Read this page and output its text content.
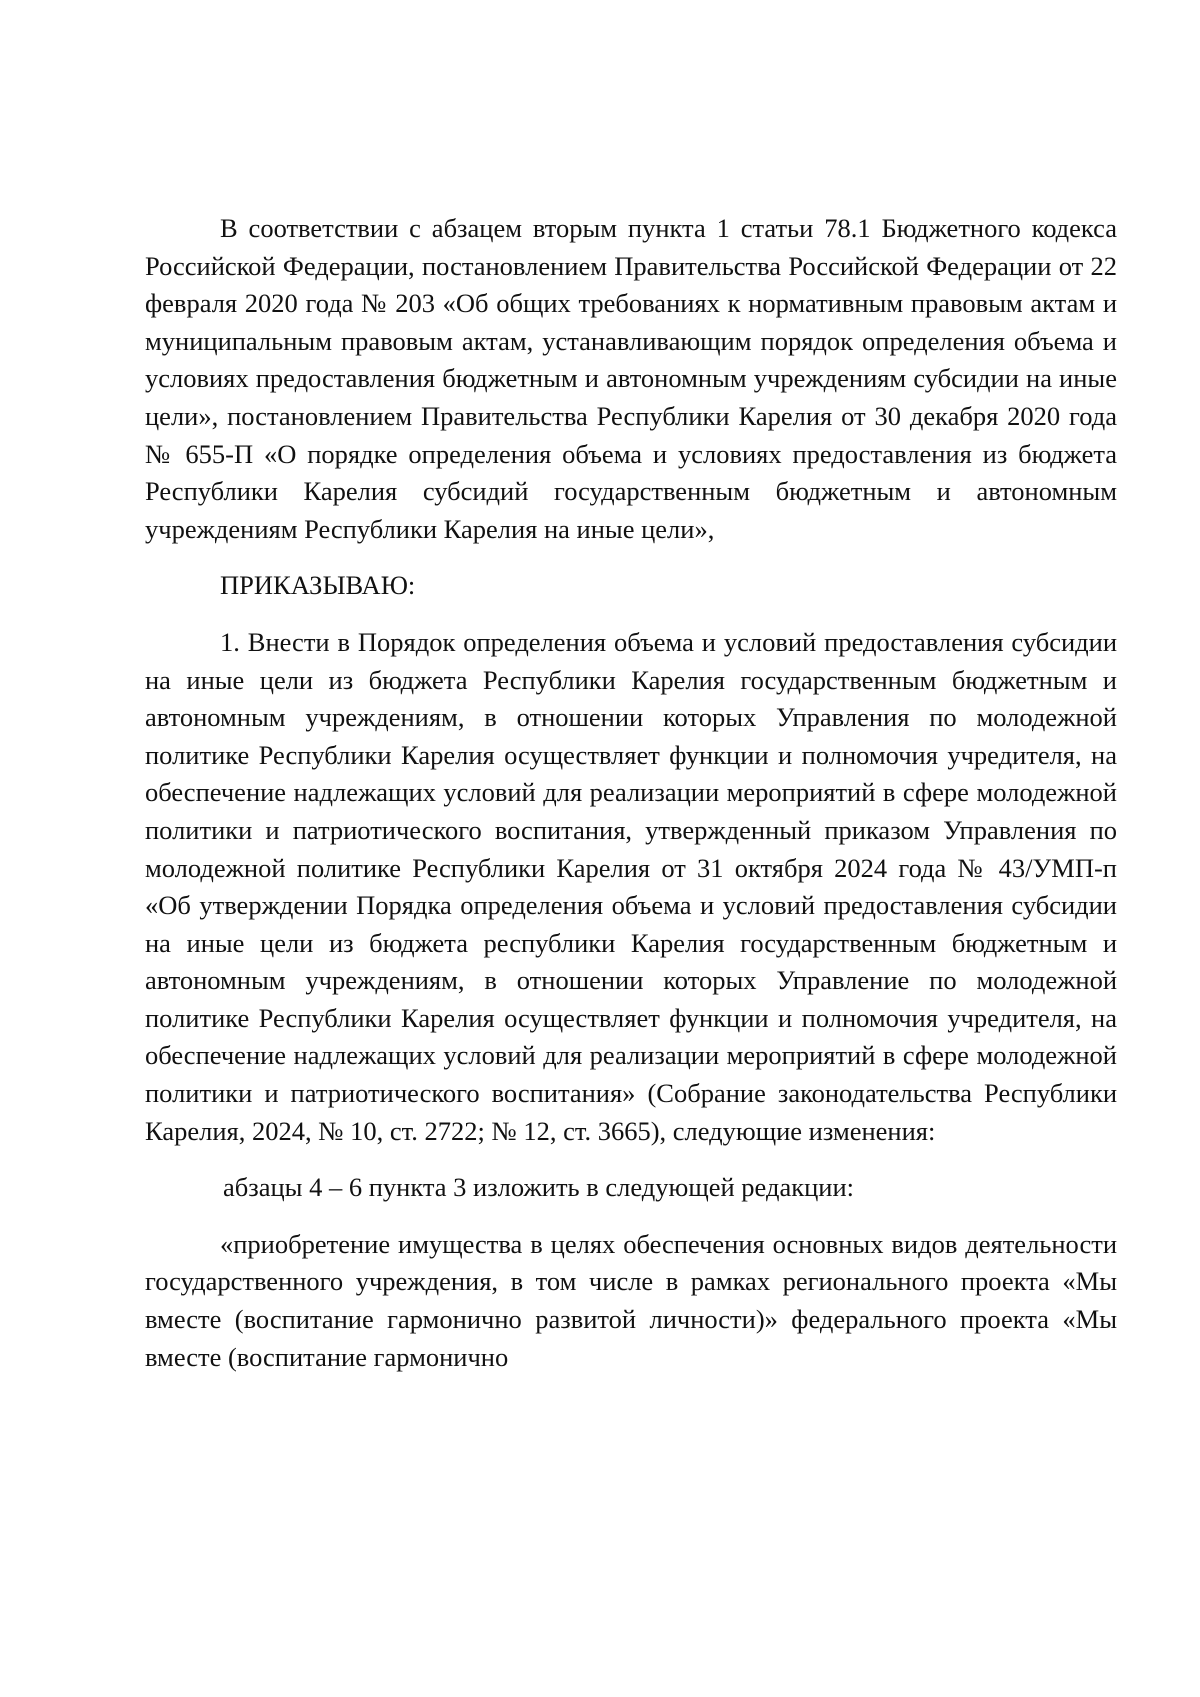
В соответствии с абзацем вторым пункта 1 статьи 78.1 Бюджетного кодекса Российской Федерации, постановлением Правительства Российской Федерации от 22 февраля 2020 года № 203 «Об общих требованиях к нормативным правовым актам и муниципальным правовым актам, устанавливающим порядок определения объема и условиях предоставления бюджетным и автономным учреждениям субсидии на иные цели», постановлением Правительства Республики Карелия от 30 декабря 2020 года № 655-П «О порядке определения объема и условиях предоставления из бюджета Республики Карелия субсидий государственным бюджетным и автономным учреждениям Республики Карелия на иные цели»,

ПРИКАЗЫВАЮ:

1. Внести в Порядок определения объема и условий предоставления субсидии на иные цели из бюджета Республики Карелия государственным бюджетным и автономным учреждениям, в отношении которых Управления по молодежной политике Республики Карелия осуществляет функции и полномочия учредителя, на обеспечение надлежащих условий для реализации мероприятий в сфере молодежной политики и патриотического воспитания, утвержденный приказом Управления по молодежной политике Республики Карелия от 31 октября 2024 года № 43/УМП-п «Об утверждении Порядка определения объема и условий предоставления субсидии на иные цели из бюджета республики Карелия государственным бюджетным и автономным учреждениям, в отношении которых Управление по молодежной политике Республики Карелия осуществляет функции и полномочия учредителя, на обеспечение надлежащих условий для реализации мероприятий в сфере молодежной политики и патриотического воспитания» (Собрание законодательства Республики Карелия, 2024, № 10, ст. 2722; № 12, ст. 3665), следующие изменения:

абзацы 4 – 6 пункта 3 изложить в следующей редакции:

«приобретение имущества в целях обеспечения основных видов деятельности государственного учреждения, в том числе в рамках регионального проекта «Мы вместе (воспитание гармонично развитой личности)» федерального проекта «Мы вместе (воспитание гармонично
